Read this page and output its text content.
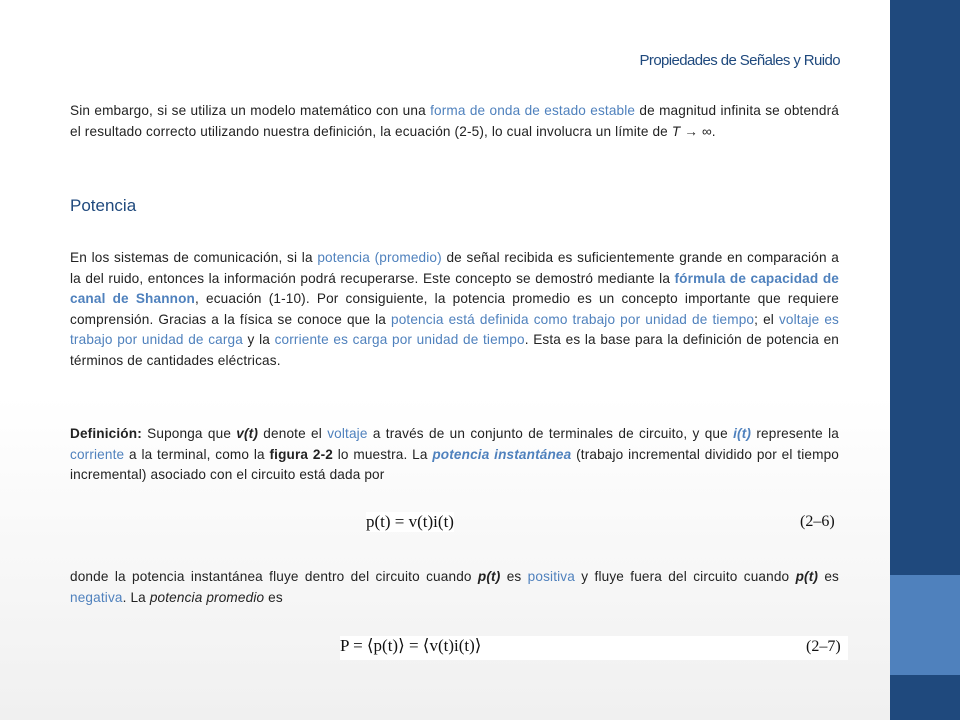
Propiedades de Señales y Ruido
Sin embargo, si se utiliza un modelo matemático con una forma de onda de estado estable de magnitud infinita se obtendrá el resultado correcto utilizando nuestra definición, la ecuación (2-5), lo cual involucra un límite de T → ∞.
Potencia
En los sistemas de comunicación, si la potencia (promedio) de señal recibida es suficientemente grande en comparación a la del ruido, entonces la información podrá recuperarse. Este concepto se demostró mediante la fórmula de capacidad de canal de Shannon, ecuación (1-10). Por consiguiente, la potencia promedio es un concepto importante que requiere comprensión. Gracias a la física se conoce que la potencia está definida como trabajo por unidad de tiempo; el voltaje es trabajo por unidad de carga y la corriente es carga por unidad de tiempo. Esta es la base para la definición de potencia en términos de cantidades eléctricas.
Definición: Suponga que v(t) denote el voltaje a través de un conjunto de terminales de circuito, y que i(t) represente la corriente a la terminal, como la figura 2-2 lo muestra. La potencia instantánea (trabajo incremental dividido por el tiempo incremental) asociado con el circuito está dada por
p(t) = v(t)i(t)	(2–6)
donde la potencia instantánea fluye dentro del circuito cuando p(t) es positiva y fluye fuera del circuito cuando p(t) es negativa. La potencia promedio es
P = ⟨p(t)⟩ = ⟨v(t)i(t)⟩	(2–7)
